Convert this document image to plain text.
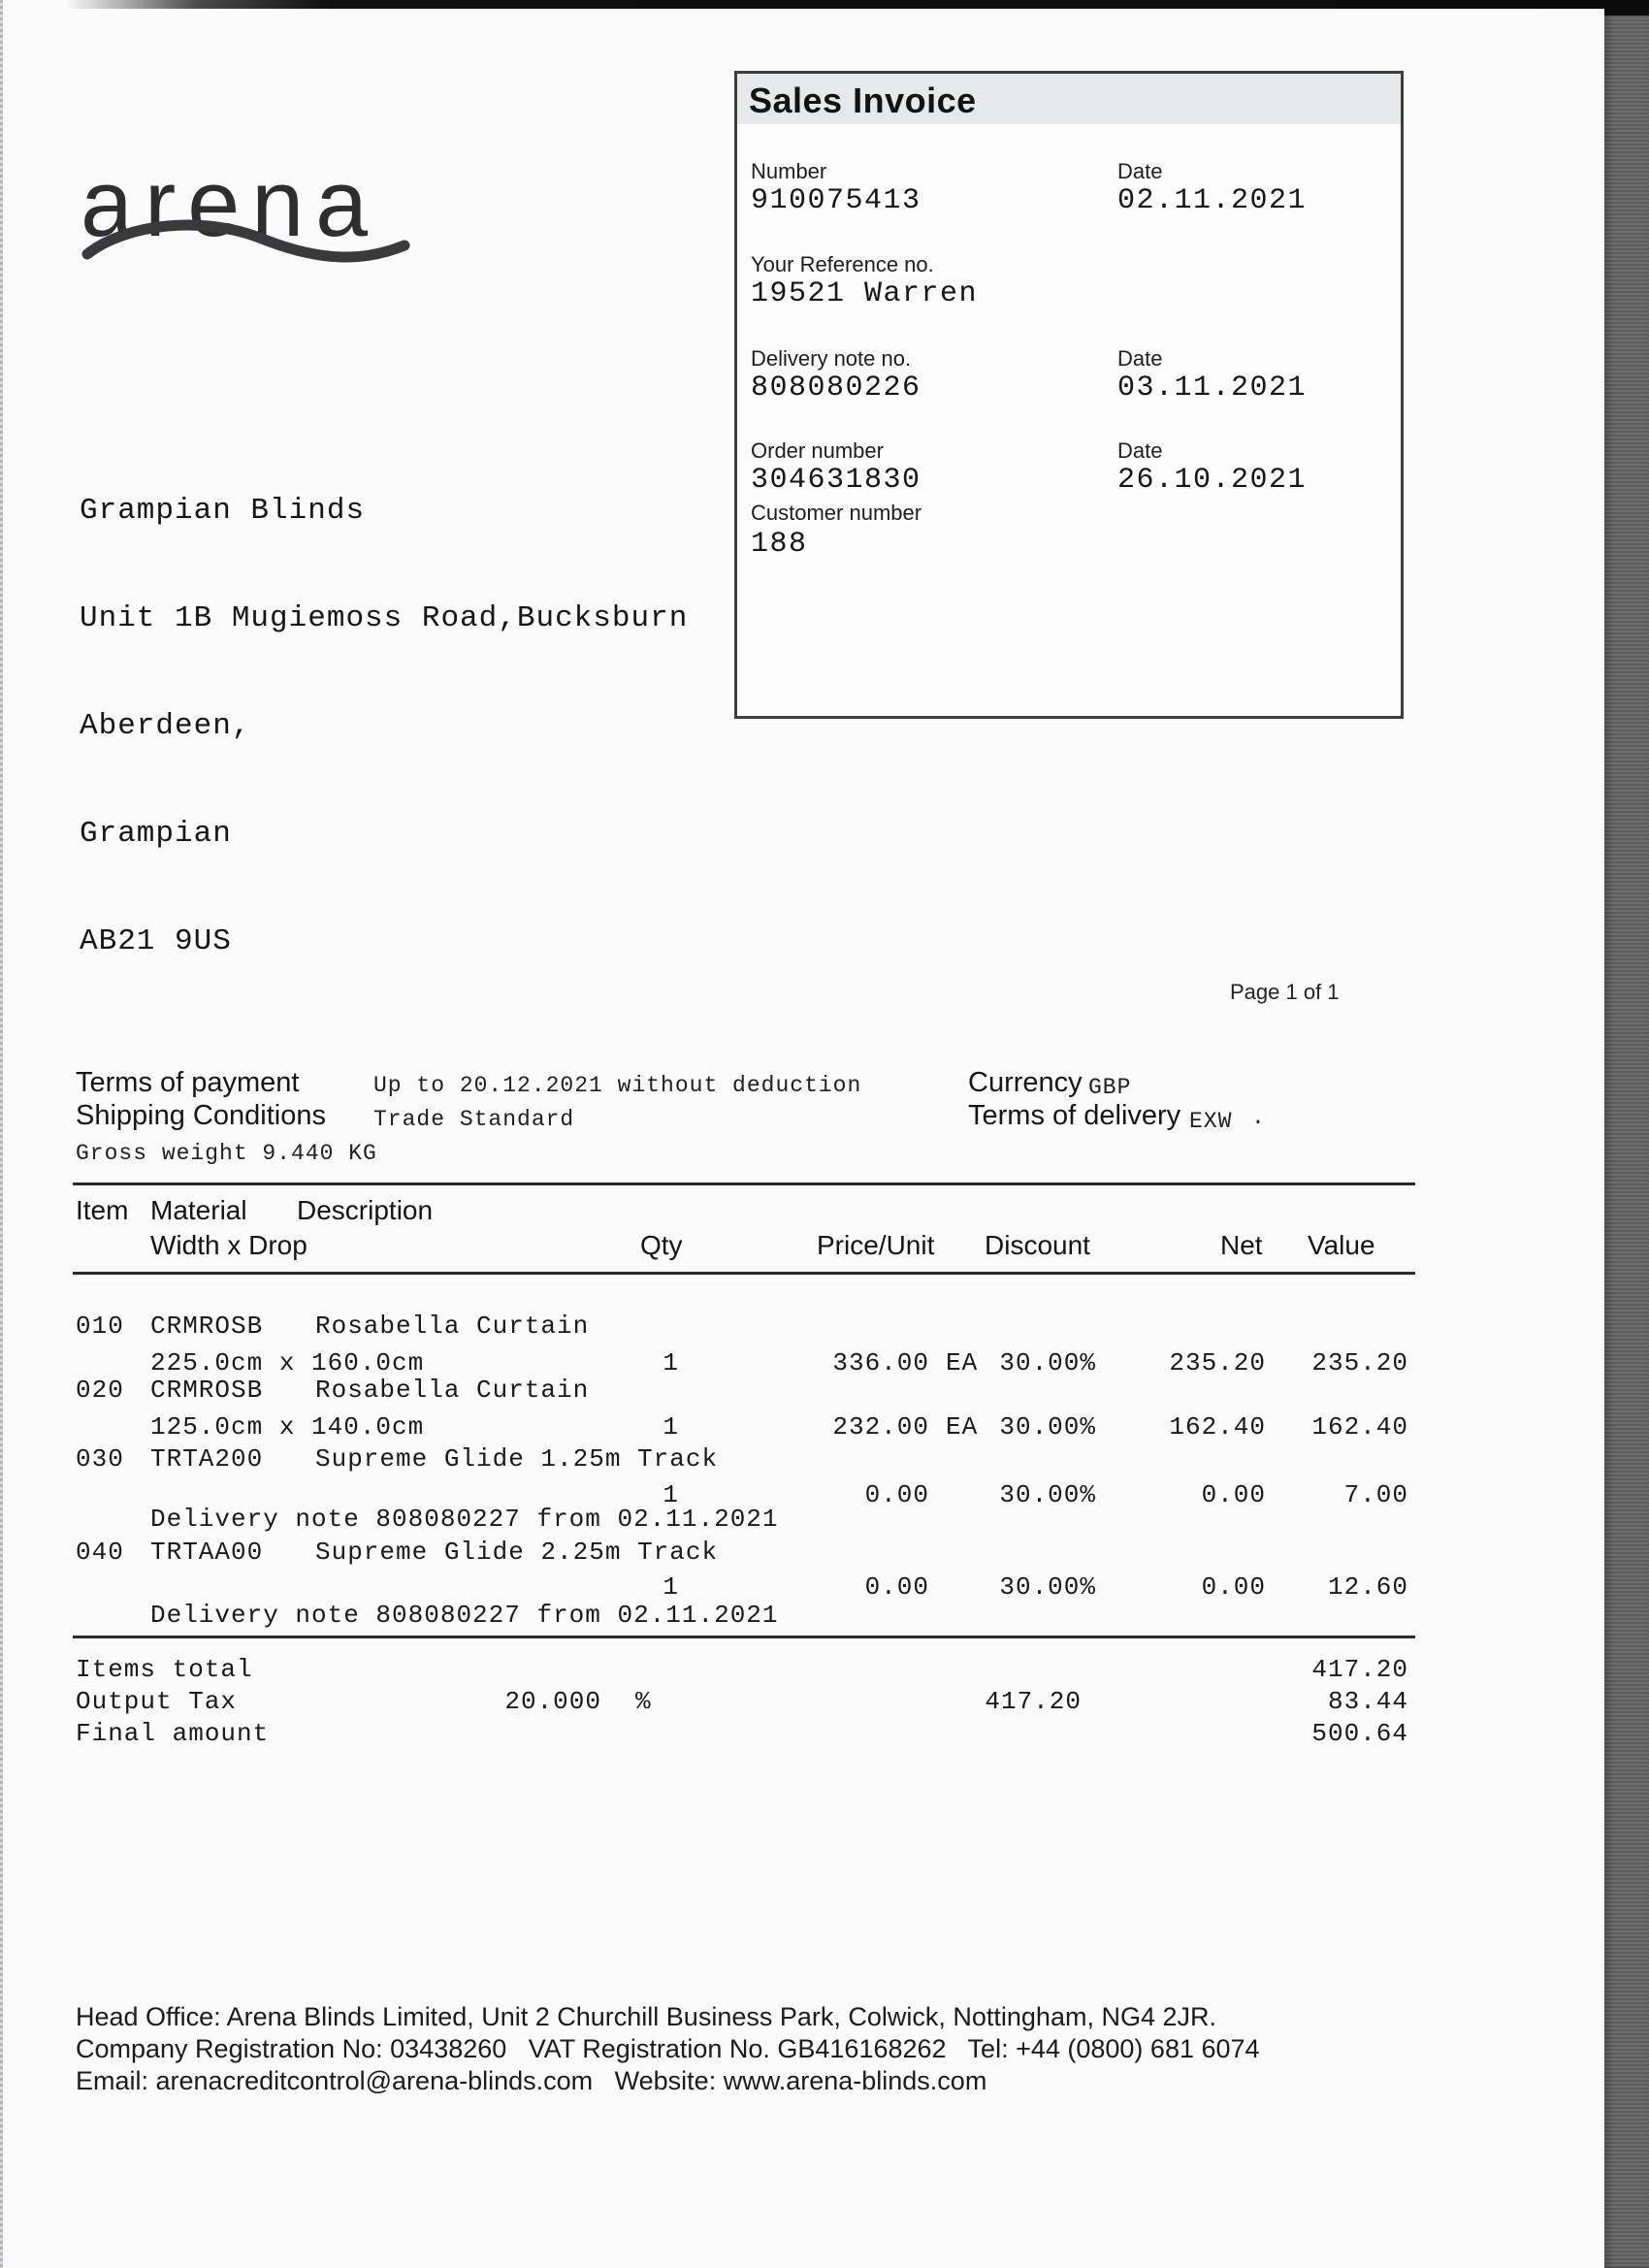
arena

Sales Invoice
Number
910075413
Date
02.11.2021
Your Reference no.
19521 Warren
Delivery note no.
808080226
Date
03.11.2021
Order number
304631830
Date
26.10.2021
Customer number
188

Grampian Blinds

Unit 1B Mugiemoss Road,Bucksburn

Aberdeen,

Grampian

AB21 9US

Page 1 of 1
Terms of payment	Up to 20.12.2021 without deduction
Shipping Conditions Trade Standard
Gross weight 9.440 KG
Currency GBP
Terms of delivery EXW .
Item Material Description
Width x Drop	Qty	Price/Unit Discount	Net Value
010 CRMROSB Rosabella Curtain
225.0cm x 160.0cm	1	336.00 EA 30.00%	235.20 235.20
020 CRMROSB Rosabella Curtain
125.0cm x 140.0cm	1	232.00 EA 30.00%	162.40 162.40
030 TRTA200 Supreme Glide 1.25m Track
1	0.00	30.00%	0.00	7.00
Delivery note 808080227 from 02.11.2021
040 TRTAA00 Supreme Glide 2.25m Track
1	0.00	30.00%	0.00 12.60
Delivery note 808080227 from 02.11.2021
Items total	417.20
Output Tax	20.000 %	417.20	83.44
Final amount	500.64
Head Office: Arena Blinds Limited, Unit 2 Churchill Business Park, Colwick, Nottingham, NG4 2JR.
Company Registration No: 03438260   VAT Registration No. GB416168262   Tel: +44 (0800) 681 6074
Email: arenacreditcontrol@arena-blinds.com   Website: www.arena-blinds.com
